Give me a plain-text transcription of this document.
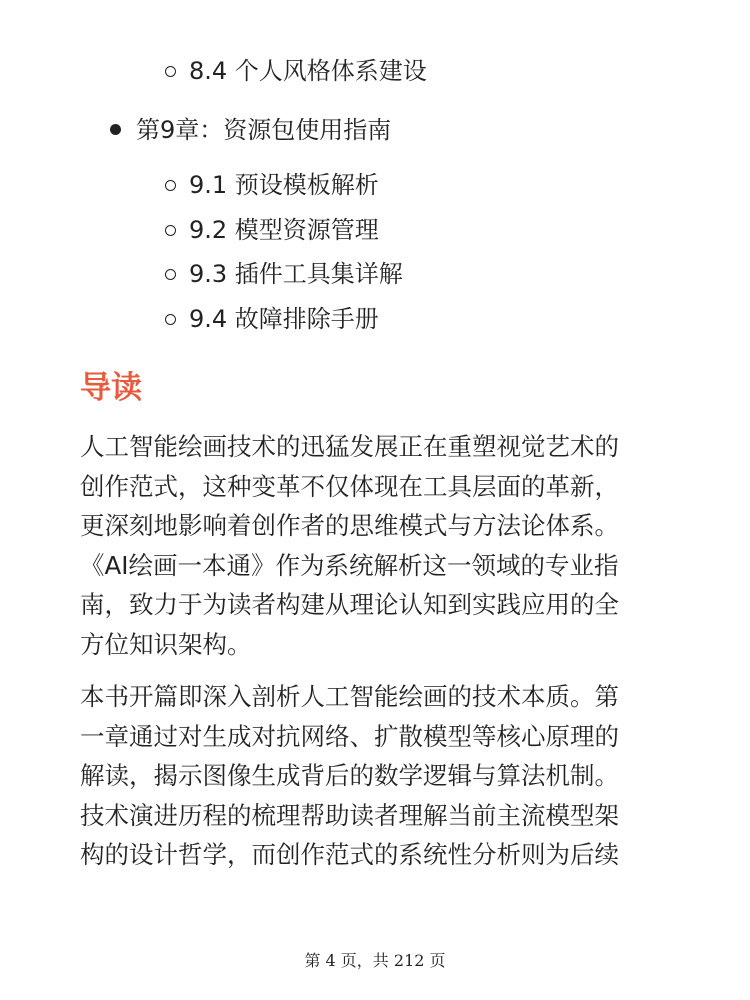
8.4 个人风格体系建设
第9章：资源包使用指南
9.1 预设模板解析
9.2 模型资源管理
9.3 插件工具集详解
9.4 故障排除手册
导读
人工智能绘画技术的迅猛发展正在重塑视觉艺术的
创作范式，这种变革不仅体现在工具层面的革新，
更深刻地影响着创作者的思维模式与方法论体系。
《AI绘画一本通》作为系统解析这一领域的专业指
南，致力于为读者构建从理论认知到实践应用的全
方位知识架构。
本书开篇即深入剖析人工智能绘画的技术本质。第
一章通过对生成对抗网络、扩散模型等核心原理的
解读，揭示图像生成背后的数学逻辑与算法机制。
技术演进历程的梳理帮助读者理解当前主流模型架
构的设计哲学，而创作范式的系统性分析则为后续
第 4 页，共 212 页
